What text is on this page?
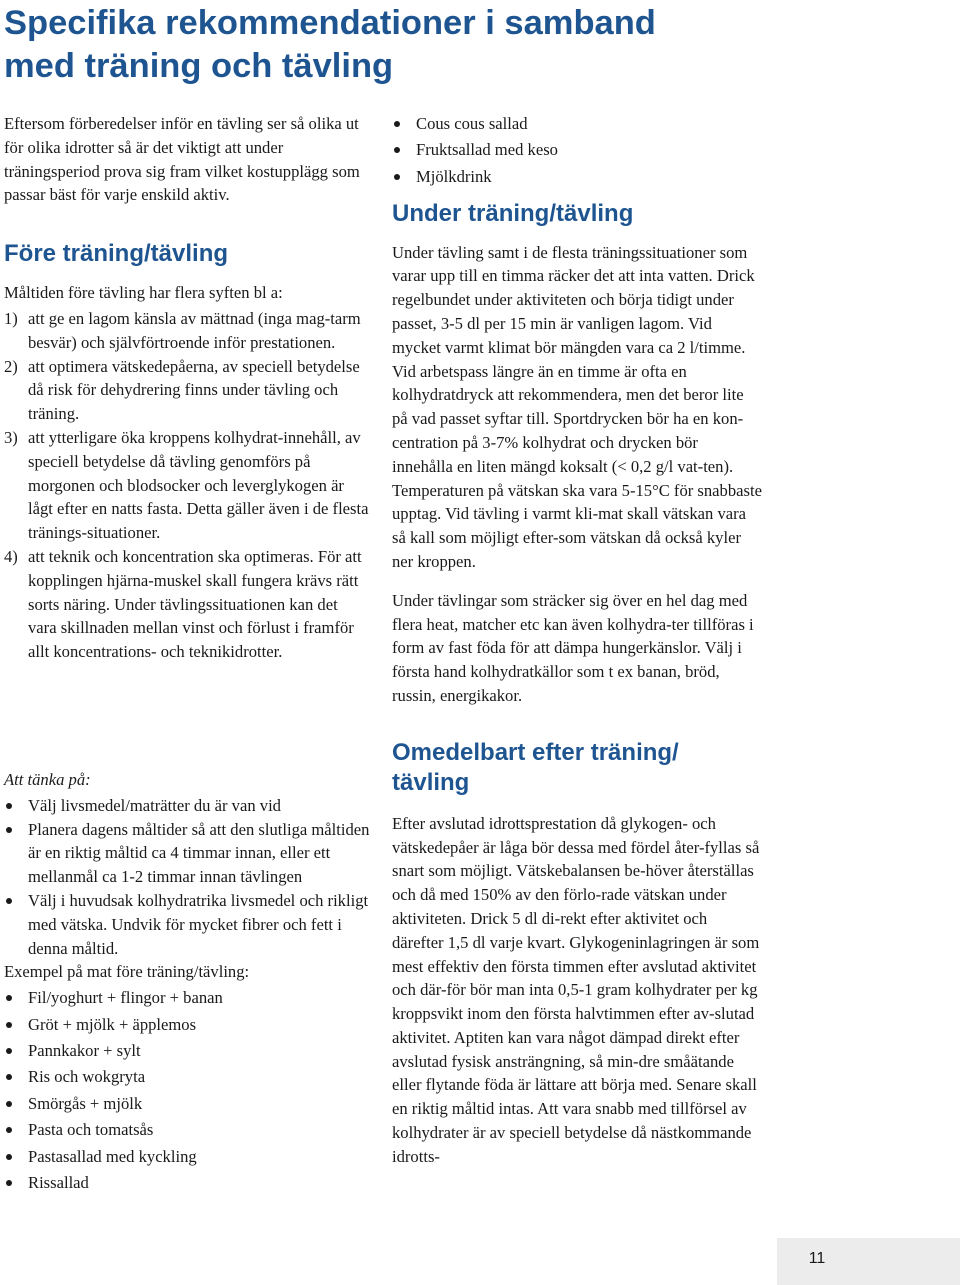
Specifika rekommendationer i samband
med träning och tävling

Eftersom förberedelser inför en tävling ser så olika ut för olika idrotter så är det viktigt att under träningsperiod prova sig fram vilket kostupplägg som passar bäst för varje enskild aktiv.

Före träning/tävling

Måltiden före tävling har flera syften bl a:

1) att ge en lagom känsla av mättnad (inga mag-tarm besvär) och självförtroende inför prestationen.
2) att optimera vätskedepåerna, av speciell betydelse då risk för dehydrering finns under tävling och träning.
3) att ytterligare öka kroppens kolhydrat-innehåll, av speciell betydelse då tävling genomförs på morgonen och blodsocker och leverglykogen är lågt efter en natts fasta. Detta gäller även i de flesta tränings-situationer.
4) att teknik och koncentration ska optimeras. För att kopplingen hjärna-muskel skall fungera krävs rätt sorts näring. Under tävlingssituationen kan det vara skillnaden mellan vinst och förlust i framför allt koncentrations- och teknikidrotter.

Att tänka på:

Välj livsmedel/maträtter du är van vid
Planera dagens måltider så att den slutliga måltiden är en riktig måltid ca 4 timmar innan, eller ett mellanmål ca 1-2 timmar innan tävlingen
Välj i huvudsak kolhydratrika livsmedel och rikligt med vätska. Undvik för mycket fibrer och fett i denna måltid.

Exempel på mat före träning/tävling:

Fil/yoghurt + flingor + banan
Gröt + mjölk + äpplemos
Pannkakor + sylt
Ris och wokgryta
Smörgås + mjölk
Pasta och tomatsås
Pastasallad med kyckling
Rissallad
Cous cous sallad
Fruktsallad med keso
Mjölkdrink
Under träning/tävling

Under tävling samt i de flesta träningssituationer som varar upp till en timma räcker det att inta vatten. Drick regelbundet under aktiviteten och börja tidigt under passet, 3-5 dl per 15 min är vanligen lagom. Vid mycket varmt klimat bör mängden vara ca 2 l/timme. Vid arbetspass längre än en timme är ofta en kolhydratdryck att rekommendera, men det beror lite på vad passet syftar till. Sportdrycken bör ha en kon-centration på 3-7% kolhydrat och drycken bör innehålla en liten mängd koksalt (< 0,2 g/l vat-ten). Temperaturen på vätskan ska vara 5-15°C för snabbaste upptag. Vid tävling i varmt kli-mat skall vätskan vara så kall som möjligt efter-som vätskan då också kyler ner kroppen.

Under tävlingar som sträcker sig över en hel dag med flera heat, matcher etc kan även kolhydra-ter tillföras i form av fast föda för att dämpa hungerkänslor. Välj i första hand kolhydratkällor som t ex banan, bröd, russin, energikakor.

Omedelbart efter träning/
tävling

Efter avslutad idrottsprestation då glykogen- och vätskedepåer är låga bör dessa med fördel åter-fyllas så snart som möjligt. Vätskebalansen be-höver återställas och då med 150% av den förlo-rade vätskan under aktiviteten. Drick 5 dl di-rekt efter aktivitet och därefter 1,5 dl varje kvart. Glykogeninlagringen är som mest effektiv den första timmen efter avslutad aktivitet och där-för bör man inta 0,5-1 gram kolhydrater per kg kroppsvikt inom den första halvtimmen efter av-slutad aktivitet. Aptiten kan vara något dämpad direkt efter avslutad fysisk ansträngning, så min-dre småätande eller flytande föda är lättare att börja med. Senare skall en riktig måltid intas. Att vara snabb med tillförsel av kolhydrater är av speciell betydelse då nästkommande idrotts-

11
